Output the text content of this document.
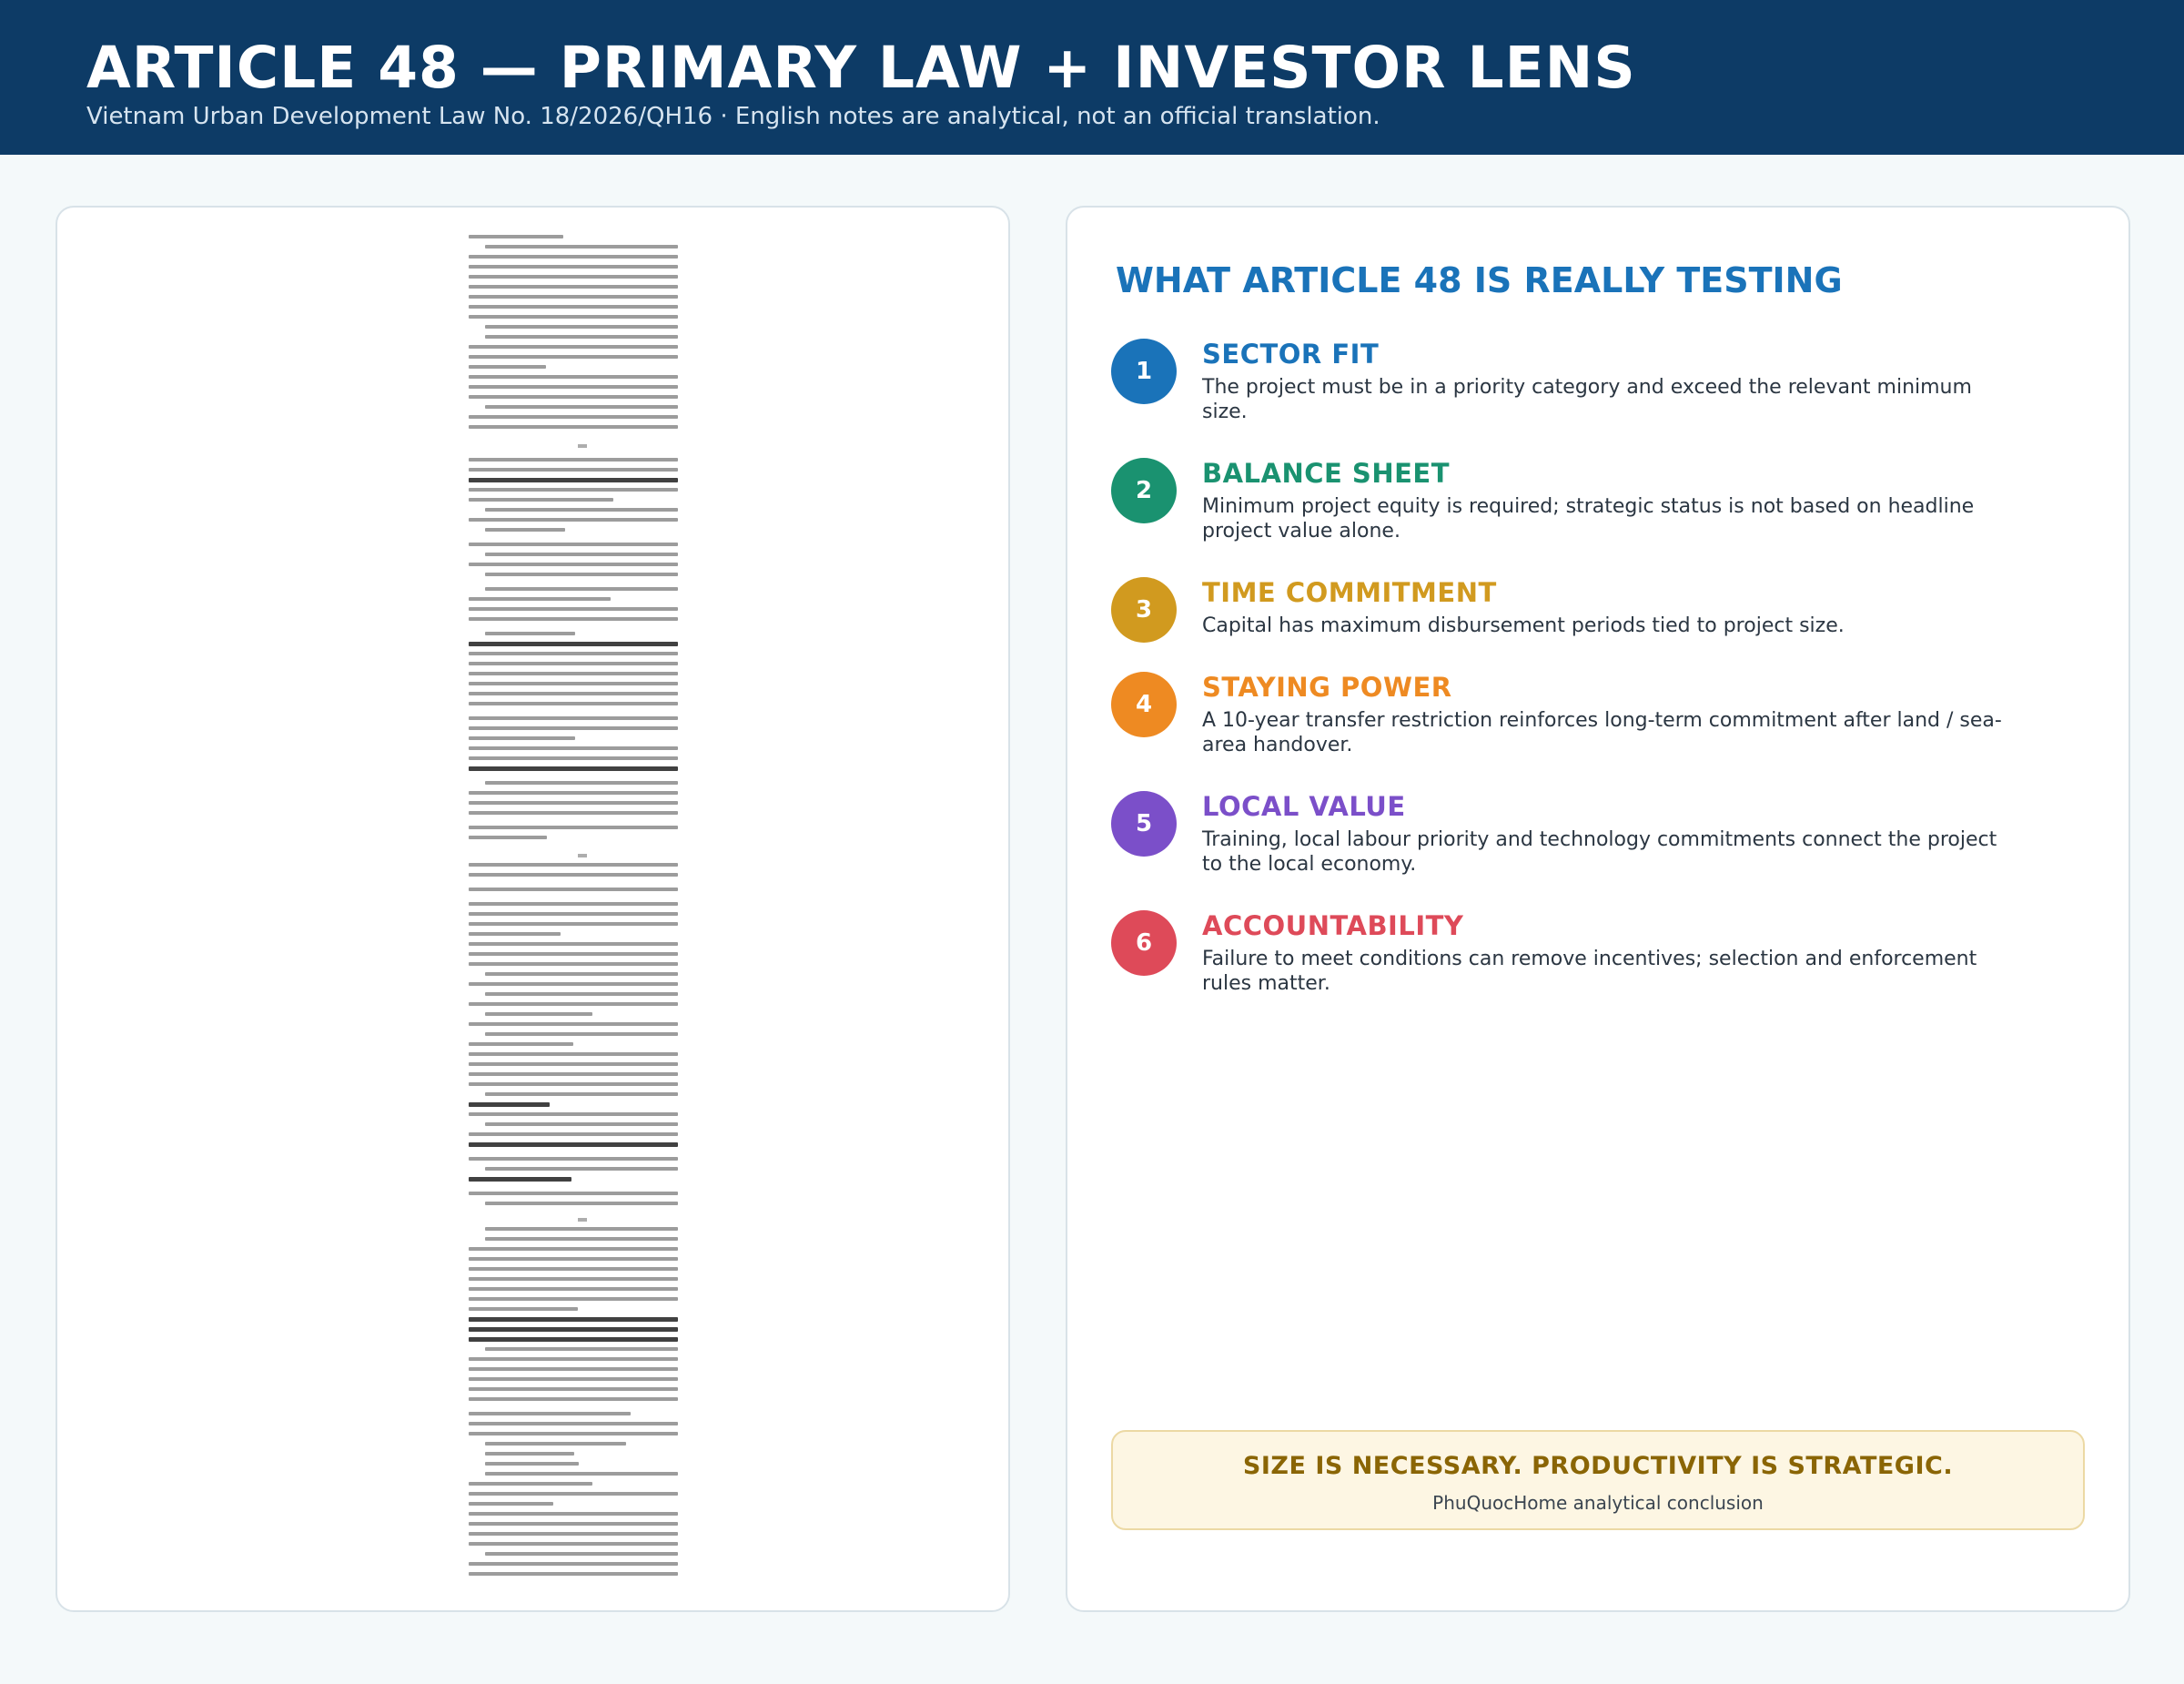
ARTICLE 48 — PRIMARY LAW + INVESTOR LENS
Vietnam Urban Development Law No. 18/2026/QH16 · English notes are analytical, not an official translation.
WHAT ARTICLE 48 IS REALLY TESTING
1
SECTOR FIT
The project must be in a priority category and exceed the relevant minimum size.
2
BALANCE SHEET
Minimum project equity is required; strategic status is not based on headline project value alone.
3
TIME COMMITMENT
Capital has maximum disbursement periods tied to project size.
4
STAYING POWER
A 10-year transfer restriction reinforces long-term commitment after land / sea-area handover.
5
LOCAL VALUE
Training, local labour priority and technology commitments connect the project to the local economy.
6
ACCOUNTABILITY
Failure to meet conditions can remove incentives; selection and enforcement rules matter.
SIZE IS NECESSARY. PRODUCTIVITY IS STRATEGIC.
PhuQuocHome analytical conclusion
